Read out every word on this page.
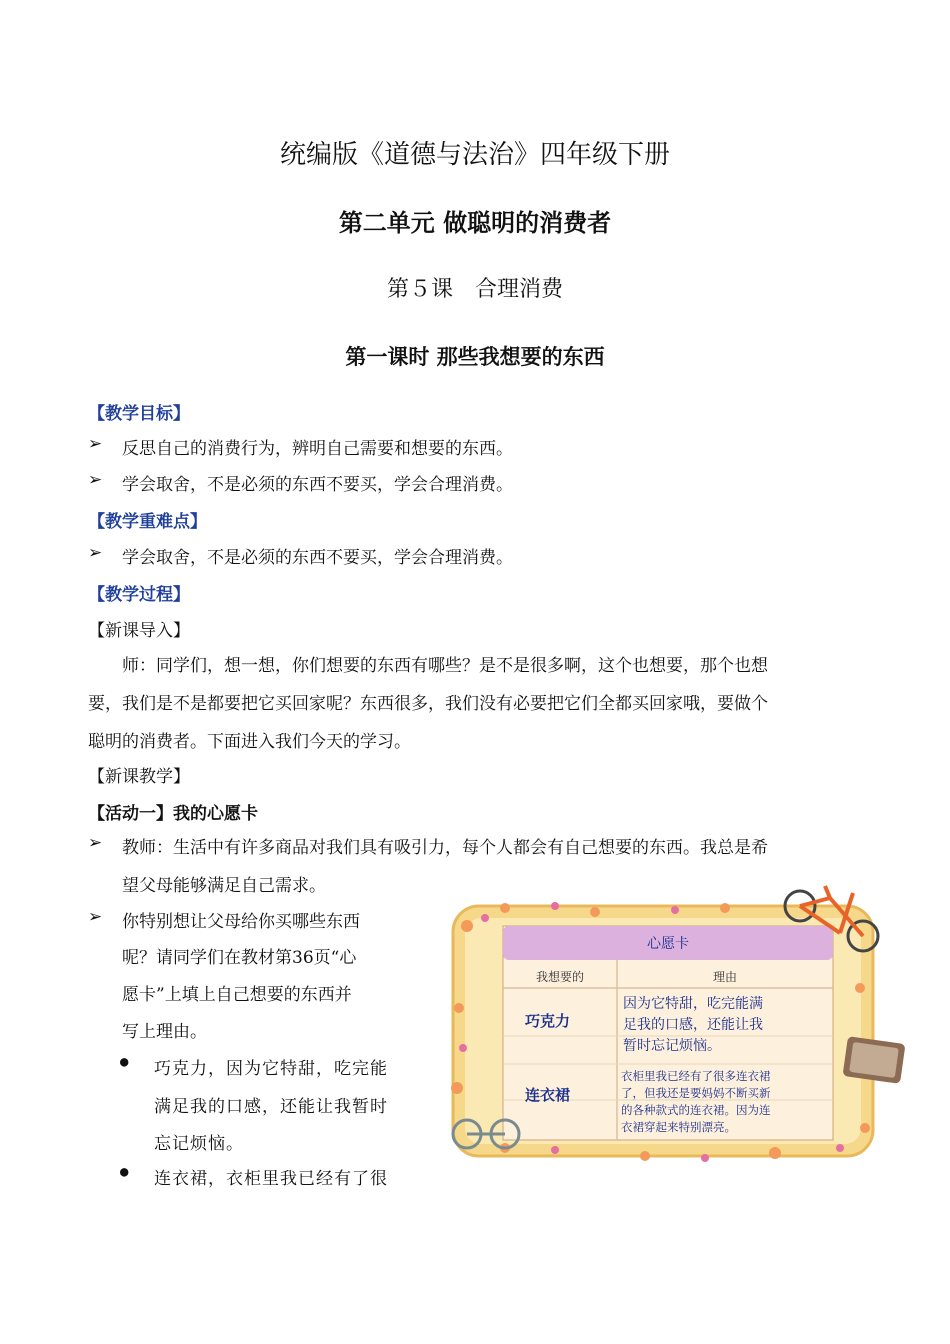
统编版《道德与法治》四年级下册
第二单元 做聪明的消费者
第５课　合理消费
第一课时 那些我想要的东西
【教学目标】
➢ 反思自己的消费行为，辨明自己需要和想要的东西。
➢ 学会取舍，不是必须的东西不要买，学会合理消费。
【教学重难点】
➢ 学会取舍，不是必须的东西不要买，学会合理消费。
【教学过程】
【新课导入】
师：同学们，想一想，你们想要的东西有哪些？是不是很多啊，这个也想要，那个也想
要，我们是不是都要把它买回家呢？东西很多，我们没有必要把它们全都买回家哦，要做个
聪明的消费者。下面进入我们今天的学习。
【新课教学】
【活动一】我的心愿卡
➢ 教师：生活中有许多商品对我们具有吸引力，每个人都会有自己想要的东西。我总是希
望父母能够满足自己需求。
➢ 你特别想让父母给你买哪些东西
呢？请同学们在教材第36页“心
愿卡”上填上自己想要的东西并
写上理由。
● 巧克力，因为它特甜，吃完能
满足我的口感，还能让我暂时
忘记烦恼。
● 连衣裙，衣柜里我已经有了很
心愿卡
我想要的	理由
巧克力
因为它特甜，吃完能满
足我的口感，还能让我
暂时忘记烦恼。
连衣裙
衣柜里我已经有了很多连衣裙
了，但我还是要妈妈不断买新
的各种款式的连衣裙。因为连
衣裙穿起来特别漂亮。
